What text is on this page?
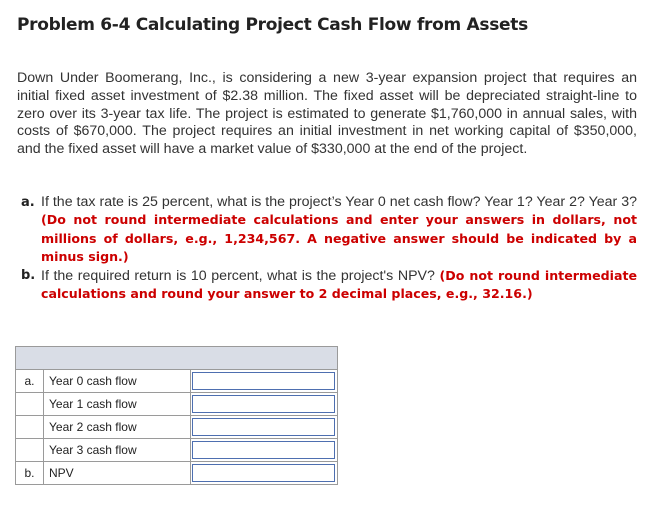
Problem 6-4 Calculating Project Cash Flow from Assets

Down Under Boomerang, Inc., is considering a new 3-year expansion project that requires an initial fixed asset investment of $2.38 million. The fixed asset will be depreciated straight-line to zero over its 3-year tax life. The project is estimated to generate $1,760,000 in annual sales, with costs of $670,000. The project requires an initial investment in net working capital of $350,000, and the fixed asset will have a market value of $330,000 at the end of the project.

a. If the tax rate is 25 percent, what is the project’s Year 0 net cash flow? Year 1? Year 2? Year 3? (Do not round intermediate calculations and enter your answers in dollars, not millions of dollars, e.g., 1,234,567. A negative answer should be indicated by a minus sign.)
b. If the required return is 10 percent, what is the project's NPV? (Do not round intermediate calculations and round your answer to 2 decimal places, e.g., 32.16.)

a.	Year 0 cash flow	

	Year 1 cash flow	

	Year 2 cash flow	

	Year 3 cash flow	

b.	NPV	
